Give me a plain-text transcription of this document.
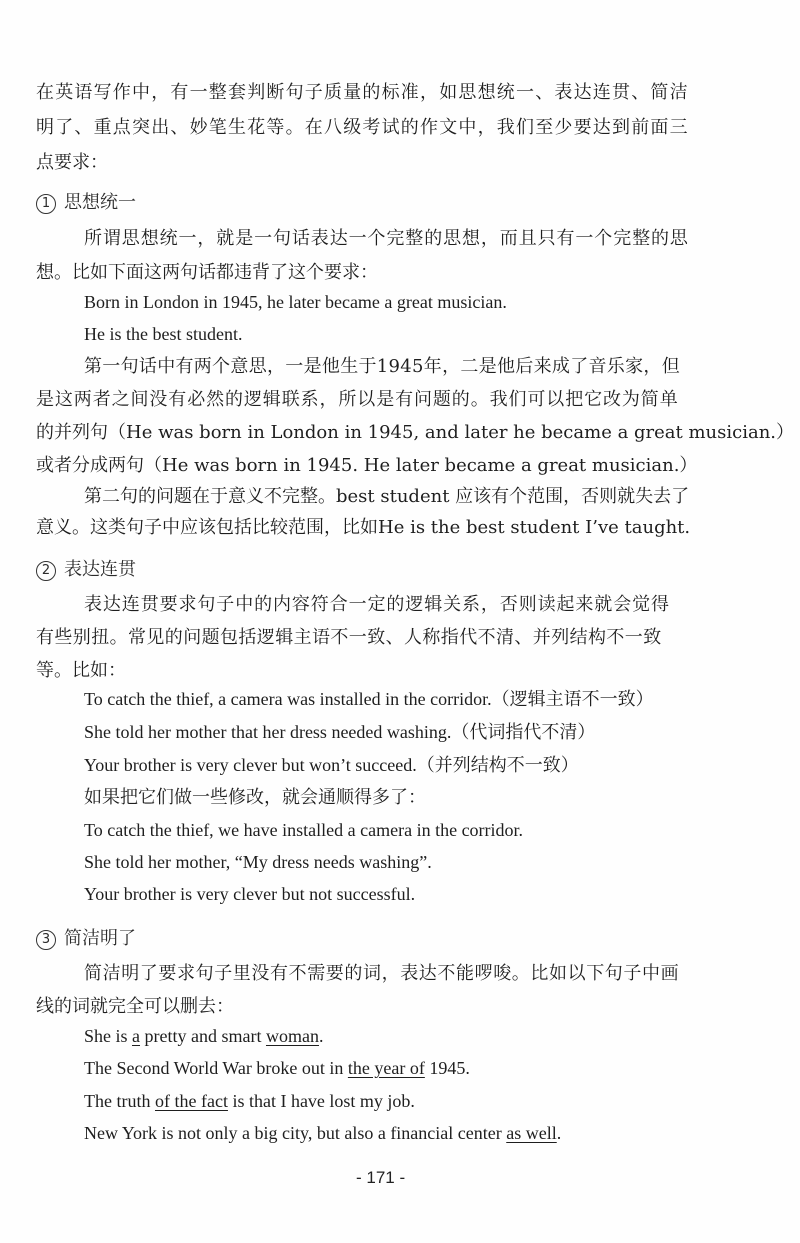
在英语写作中，有一整套判断句子质量的标准，如思想统一、表达连贯、简洁
明了、重点突出、妙笔生花等。在八级考试的作文中，我们至少要达到前面三
点要求：
1 思想统一
所谓思想统一，就是一句话表达一个完整的思想，而且只有一个完整的思
想。比如下面这两句话都违背了这个要求：
Born in London in 1945, he later became a great musician.
He is the best student.
第一句话中有两个意思，一是他生于1945年，二是他后来成了音乐家，但
是这两者之间没有必然的逻辑联系，所以是有问题的。我们可以把它改为简单
的并列句（He was born in London in 1945, and later he became a great musician.）
或者分成两句（He was born in 1945. He later became a great musician.）
第二句的问题在于意义不完整。best student 应该有个范围，否则就失去了
意义。这类句子中应该包括比较范围，比如He is the best student I’ve taught.
2 表达连贯
表达连贯要求句子中的内容符合一定的逻辑关系，否则读起来就会觉得
有些别扭。常见的问题包括逻辑主语不一致、人称指代不清、并列结构不一致
等。比如：
To catch the thief, a camera was installed in the corridor.（逻辑主语不一致）
She told her mother that her dress needed washing.（代词指代不清）
Your brother is very clever but won’t succeed.（并列结构不一致）
如果把它们做一些修改，就会通顺得多了：
To catch the thief, we have installed a camera in the corridor.
She told her mother, “My dress needs washing”.
Your brother is very clever but not successful.
3 简洁明了
简洁明了要求句子里没有不需要的词，表达不能啰唆。比如以下句子中画
线的词就完全可以删去：
She is a pretty and smart woman.
The Second World War broke out in the year of 1945.
The truth of the fact is that I have lost my job.
New York is not only a big city, but also a financial center as well.
- 171 -
